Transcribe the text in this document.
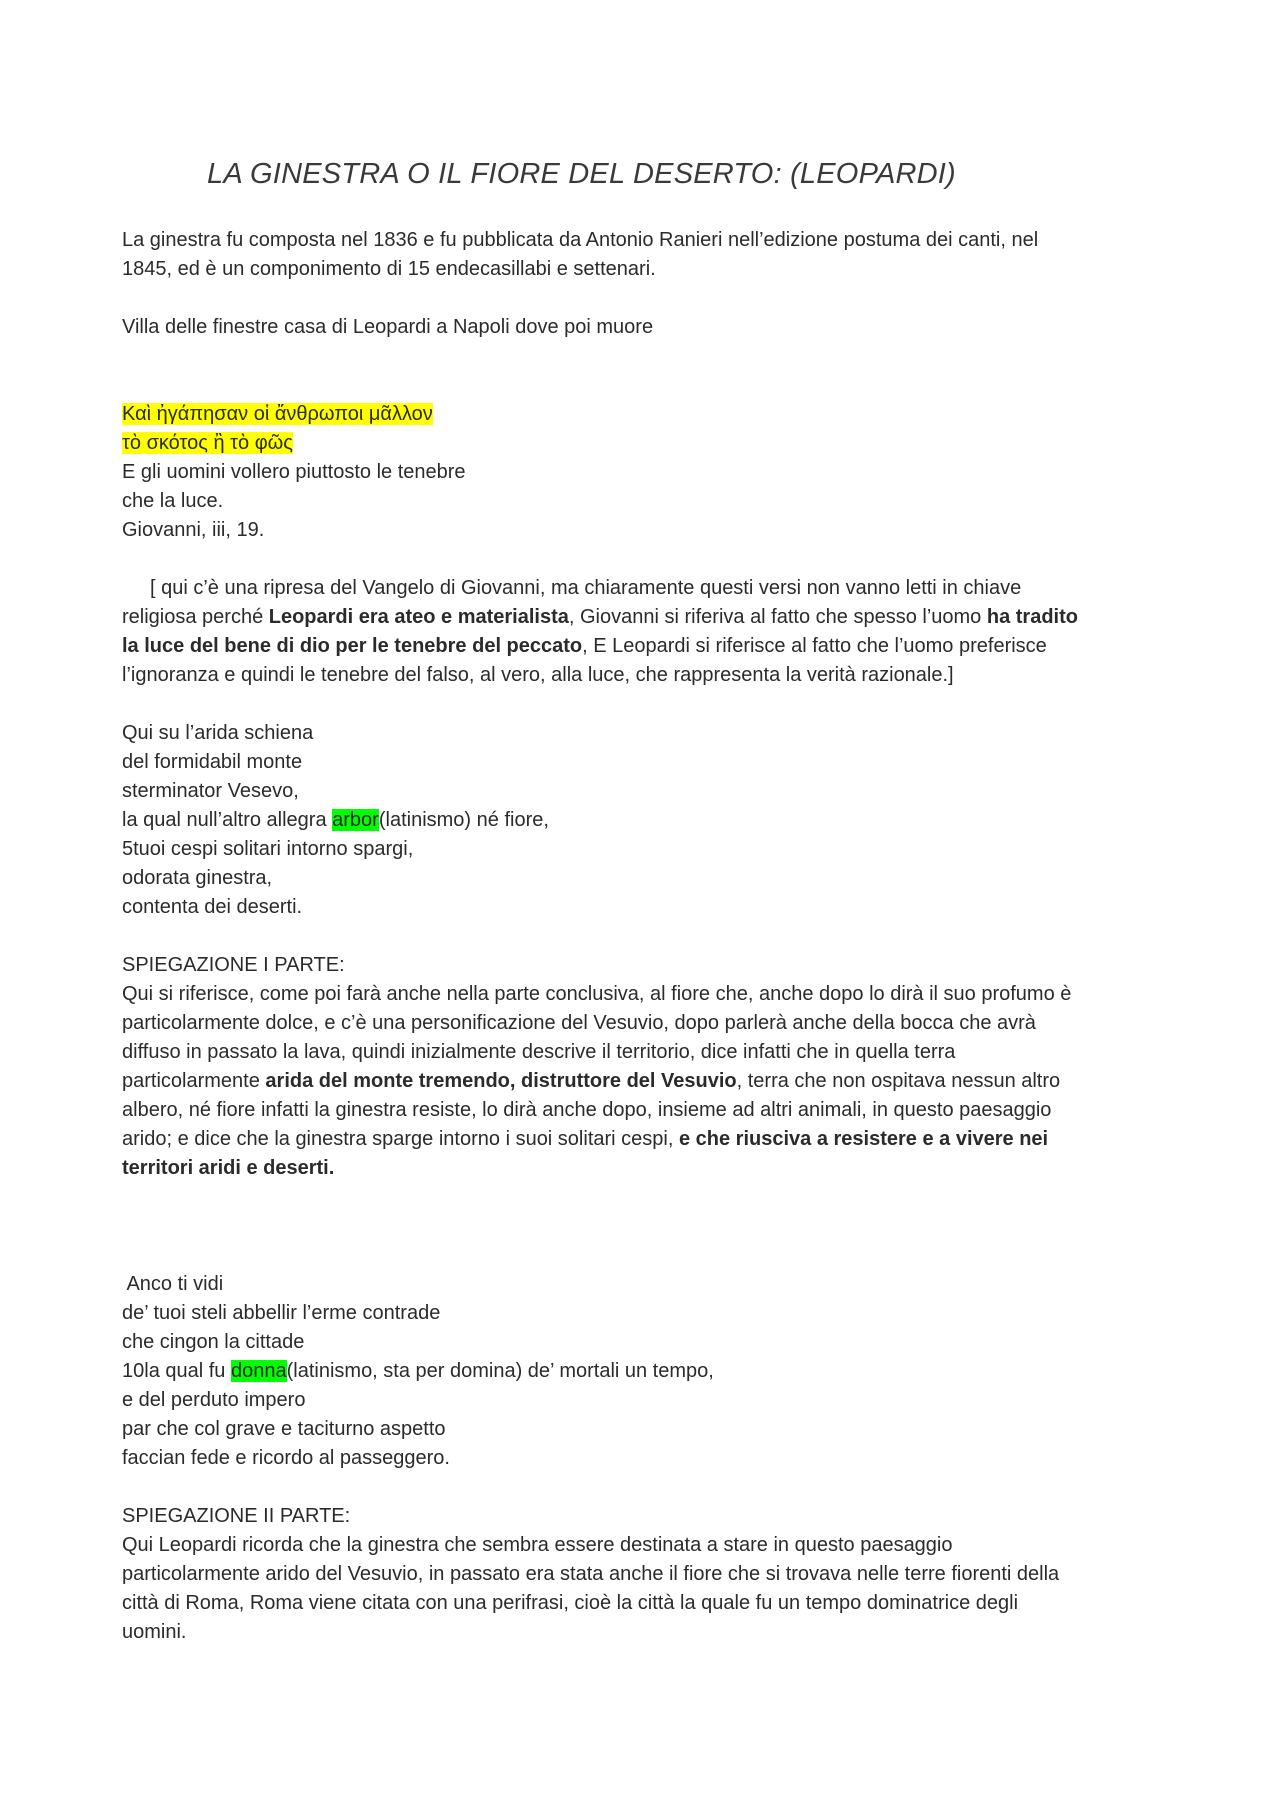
LA GINESTRA O IL FIORE DEL DESERTO: (LEOPARDI)

La ginestra fu composta nel 1836 e fu pubblicata da Antonio Ranieri nell’edizione postuma dei canti, nel

1845, ed è un componimento di 15 endecasillabi e settenari.

Villa delle finestre casa di Leopardi a Napoli dove poi muore

Καὶ ἠγάπησαν οἱ ἄνθρωποι μᾶλλον

τὸ σκότος ἢ τὸ φῶς

E gli uomini vollero piuttosto le tenebre

che la luce.

Giovanni, iii, 19.

[ qui c’è una ripresa del Vangelo di Giovanni, ma chiaramente questi versi non vanno letti in chiave

religiosa perché Leopardi era ateo e materialista, Giovanni si riferiva al fatto che spesso l’uomo ha tradito

la luce del bene di dio per le tenebre del peccato, E Leopardi si riferisce al fatto che l’uomo preferisce

l’ignoranza e quindi le tenebre del falso, al vero, alla luce, che rappresenta la verità razionale.]

Qui su l’arida schiena

del formidabil monte

sterminator Vesevo,

la qual null’altro allegra arbor(latinismo) né fiore,

5tuoi cespi solitari intorno spargi,

odorata ginestra,

contenta dei deserti.

SPIEGAZIONE I PARTE:

Qui si riferisce, come poi farà anche nella parte conclusiva, al fiore che, anche dopo lo dirà il suo profumo è

particolarmente dolce, e c’è una personificazione del Vesuvio, dopo parlerà anche della bocca che avrà

diffuso in passato la lava, quindi inizialmente descrive il territorio, dice infatti che in quella terra

particolarmente arida del monte tremendo, distruttore del Vesuvio, terra che non ospitava nessun altro

albero, né fiore infatti la ginestra resiste, lo dirà anche dopo, insieme ad altri animali, in questo paesaggio

arido; e dice che la ginestra sparge intorno i suoi solitari cespi, e che riusciva a resistere e a vivere nei

territori aridi e deserti.

Anco ti vidi

de’ tuoi steli abbellir l’erme contrade

che cingon la cittade

10la qual fu donna(latinismo, sta per domina) de’ mortali un tempo,

e del perduto impero

par che col grave e taciturno aspetto

faccian fede e ricordo al passeggero.

SPIEGAZIONE II PARTE:

Qui Leopardi ricorda che la ginestra che sembra essere destinata a stare in questo paesaggio

particolarmente arido del Vesuvio, in passato era stata anche il fiore che si trovava nelle terre fiorenti della

città di Roma, Roma viene citata con una perifrasi, cioè la città la quale fu un tempo dominatrice degli

uomini.
